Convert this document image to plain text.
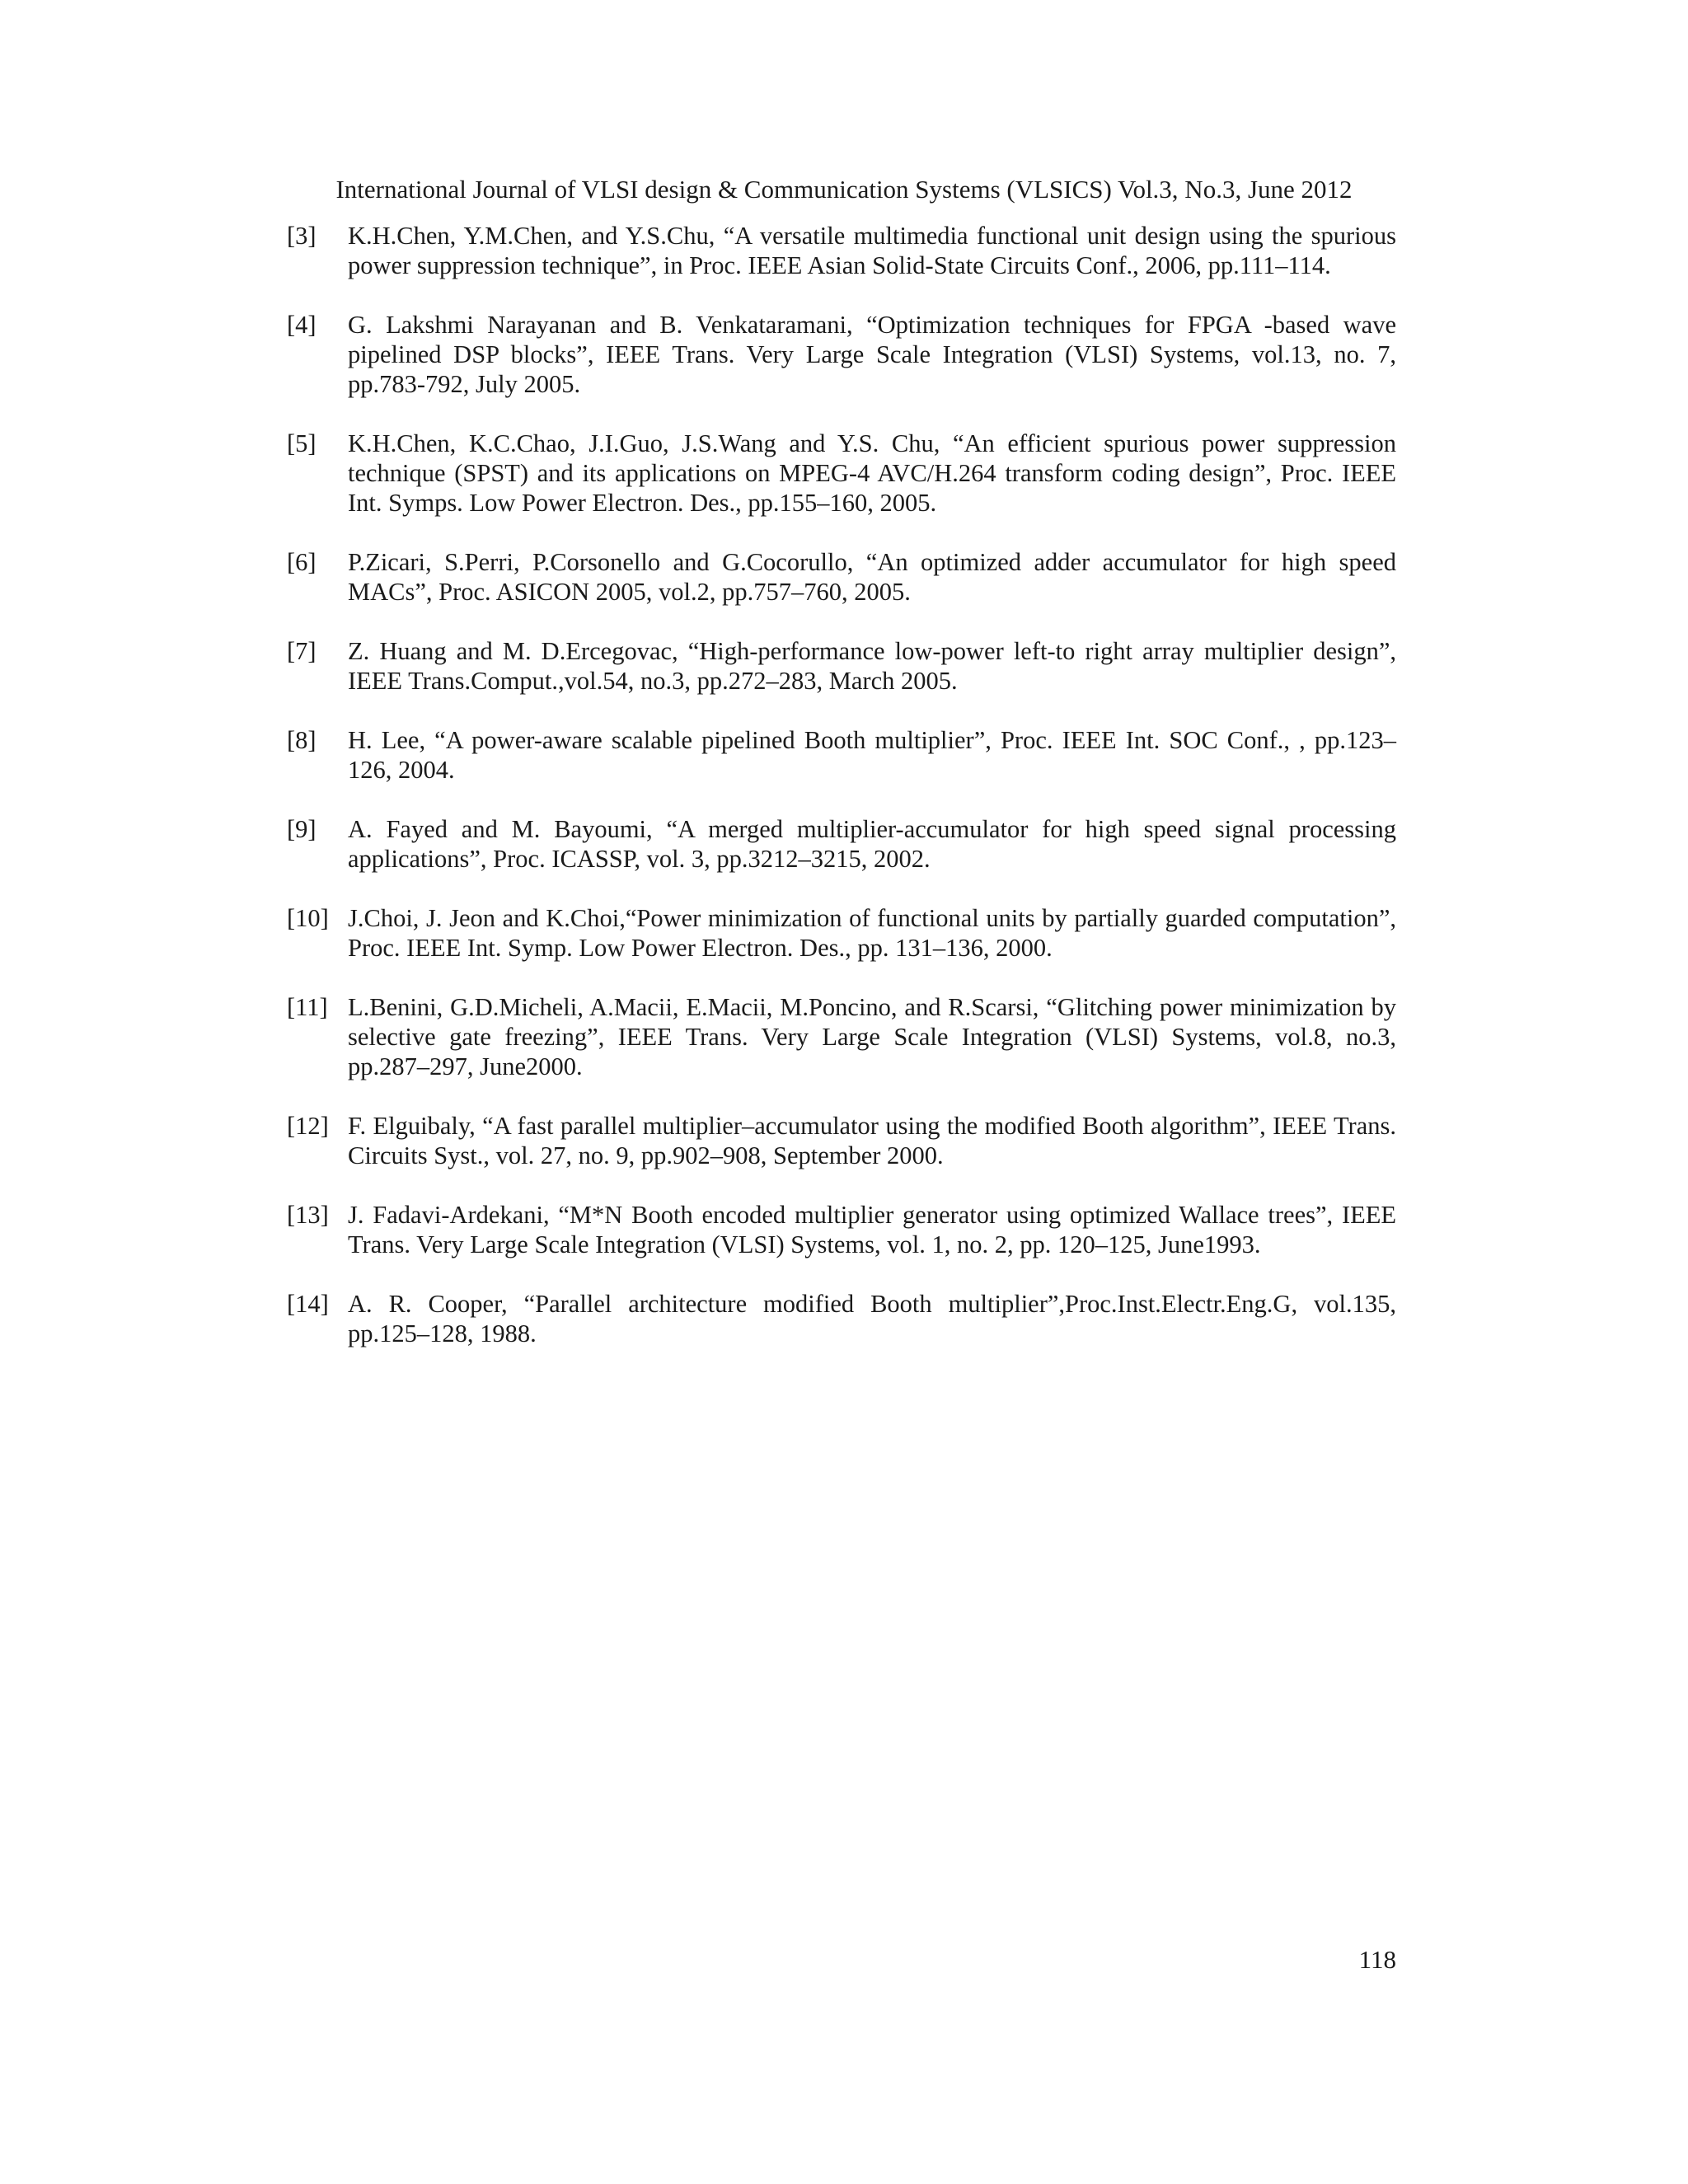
International Journal of VLSI design & Communication Systems (VLSICS) Vol.3, No.3, June 2012
[3] K.H.Chen, Y.M.Chen, and Y.S.Chu, “A versatile multimedia functional unit design using the spurious power suppression technique”, in Proc. IEEE Asian Solid-State Circuits Conf., 2006, pp.111–114.
[4] G. Lakshmi Narayanan and B. Venkataramani, “Optimization techniques for FPGA -based wave pipelined DSP blocks”, IEEE Trans. Very Large Scale Integration (VLSI) Systems, vol.13, no. 7, pp.783-792, July 2005.
[5] K.H.Chen, K.C.Chao, J.I.Guo, J.S.Wang and Y.S. Chu, “An efficient spurious power suppression technique (SPST) and its applications on MPEG-4 AVC/H.264 transform coding design”, Proc. IEEE Int. Symps. Low Power Electron. Des., pp.155–160, 2005.
[6] P.Zicari, S.Perri, P.Corsonello and G.Cocorullo, “An optimized adder accumulator for high speed MACs”, Proc. ASICON 2005, vol.2, pp.757–760, 2005.
[7] Z. Huang and M. D.Ercegovac, “High-performance low-power left-to right array multiplier design”, IEEE Trans.Comput.,vol.54, no.3, pp.272–283, March 2005.
[8] H. Lee, “A power-aware scalable pipelined Booth multiplier”, Proc. IEEE Int. SOC Conf., , pp.123–126, 2004.
[9] A. Fayed and M. Bayoumi, “A merged multiplier-accumulator for high speed signal processing applications”, Proc. ICASSP, vol. 3, pp.3212–3215, 2002.
[10] J.Choi, J. Jeon and K.Choi,“Power minimization of functional units by partially guarded computation”, Proc. IEEE Int. Symp. Low Power Electron. Des., pp. 131–136, 2000.
[11] L.Benini, G.D.Micheli, A.Macii, E.Macii, M.Poncino, and R.Scarsi, “Glitching power minimization by selective gate freezing”, IEEE Trans. Very Large Scale Integration (VLSI) Systems, vol.8, no.3, pp.287–297, June2000.
[12] F. Elguibaly, “A fast parallel multiplier–accumulator using the modified Booth algorithm”, IEEE Trans. Circuits Syst., vol. 27, no. 9, pp.902–908, September 2000.
[13] J. Fadavi-Ardekani, “M*N Booth encoded multiplier generator using optimized Wallace trees”, IEEE Trans. Very Large Scale Integration (VLSI) Systems, vol. 1, no. 2, pp. 120–125, June1993.
[14] A. R. Cooper, “Parallel architecture modified Booth multiplier”,Proc.Inst.Electr.Eng.G, vol.135, pp.125–128, 1988.
118
